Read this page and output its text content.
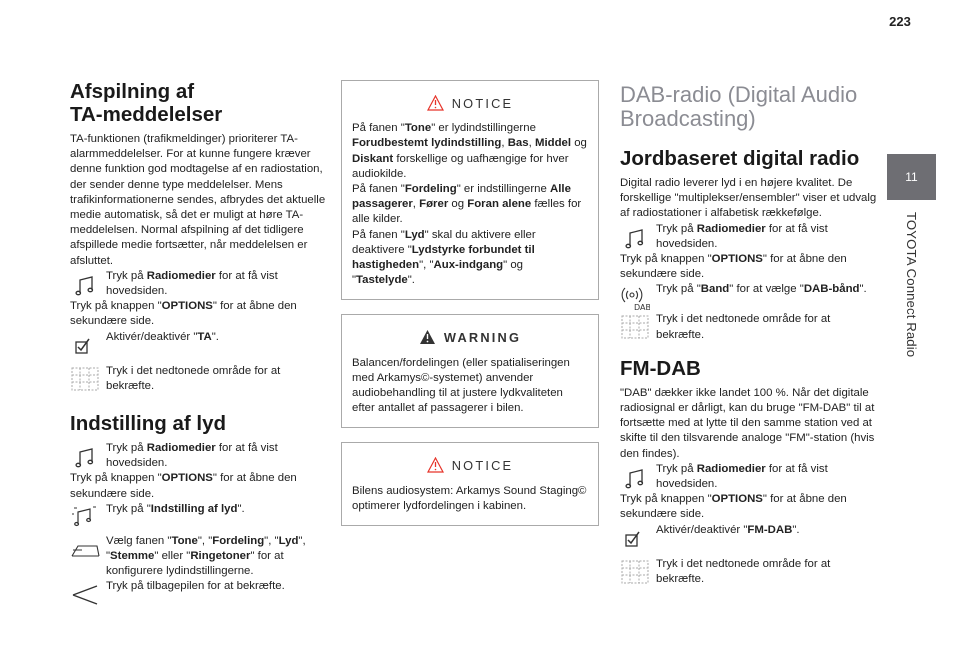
223
11
TOYOTA Connect Radio
Afspilning af
TA-meddelelser

TA-funktionen (trafikmeldinger) prioriterer TA-alarmmeddelelser. For at kunne fungere kræver denne funktion god modtagelse af en radiostation, der sender denne type meddelelser. Mens trafikinformationerne sendes, afbrydes det aktuelle medie automatisk, så det er muligt at høre TA-meddelelsen. Normal afspilning af det tidligere afspillede medie fortsætter, når meddelelsen er afsluttet.

Tryk på Radiomedier for at få vist hovedsiden.

Tryk på knappen "OPTIONS" for at åbne den sekundære side.

Aktivér/deaktivér "TA".

Tryk i det nedtonede område for at bekræfte.

Indstilling af lyd

Tryk på Radiomedier for at få vist hovedsiden.

Tryk på knappen "OPTIONS" for at åbne den sekundære side.

Tryk på "Indstilling af lyd".

Vælg fanen "Tone", "Fordeling", "Lyd", "Stemme" eller "Ringetoner" for at konfigurere lydindstillingerne.

Tryk på tilbagepilen for at bekræfte.

NOTICE

På fanen "Tone" er lydindstillingerne Forudbestemt lydindstilling, Bas, Middel og Diskant forskellige og uafhængige for hver audiokilde.

På fanen "Fordeling" er indstillingerne Alle passagerer, Fører og Foran alene fælles for alle kilder.

På fanen "Lyd" skal du aktivere eller deaktivere "Lydstyrke forbundet til hastigheden", "Aux-indgang" og "Tastelyde".

WARNING

Balancen/fordelingen (eller spatialiseringen med Arkamys©-systemet) anvender audiobehandling til at justere lydkvaliteten efter antallet af passagerer i bilen.

NOTICE

Bilens audiosystem: Arkamys Sound Staging© optimerer lydfordelingen i kabinen.

DAB-radio (Digital Audio
Broadcasting)
Jordbaseret digital radio

Digital radio leverer lyd i en højere kvalitet. De forskellige "multiplekser/ensembler" viser et udvalg af radiostationer i alfabetisk rækkefølge.

Tryk på Radiomedier for at få vist hovedsiden.

Tryk på knappen "OPTIONS" for at åbne den sekundære side.

Tryk på "Band" for at vælge "DAB-bånd".

Tryk i det nedtonede område for at bekræfte.

FM-DAB

"DAB" dækker ikke landet 100 %. Når det digitale radiosignal er dårligt, kan du bruge "FM-DAB" til at fortsætte med at lytte til den samme station ved at skifte til den tilsvarende analoge "FM"-station (hvis den findes).

Tryk på Radiomedier for at få vist hovedsiden.

Tryk på knappen "OPTIONS" for at åbne den sekundære side.

Aktivér/deaktivér "FM-DAB".

Tryk i det nedtonede område for at bekræfte.
